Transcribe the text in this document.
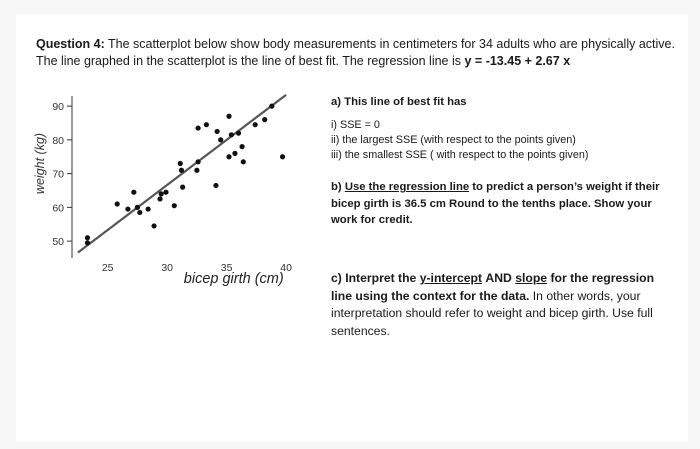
Question 4: The scatterplot below show body measurements in centimeters for 34 adults who are physically active. The line graphed in the scatterplot is the line of best fit. The regression line is y = -13.45 + 2.67 x
50
60
70
80
90
25	30	35	40
weight (kg)
bicep girth (cm)
a) This line of best fit has
i) SSE = 0
ii) the largest SSE (with respect to the points given)
iii) the smallest SSE ( with respect to the points given)
b) Use the regression line to predict a person’s weight if their bicep girth is 36.5 cm Round to the tenths place. Show your work for credit.
c) Interpret the y-intercept AND slope for the regression line using the context for the data. In other words, your interpretation should refer to weight and bicep girth. Use full sentences.
